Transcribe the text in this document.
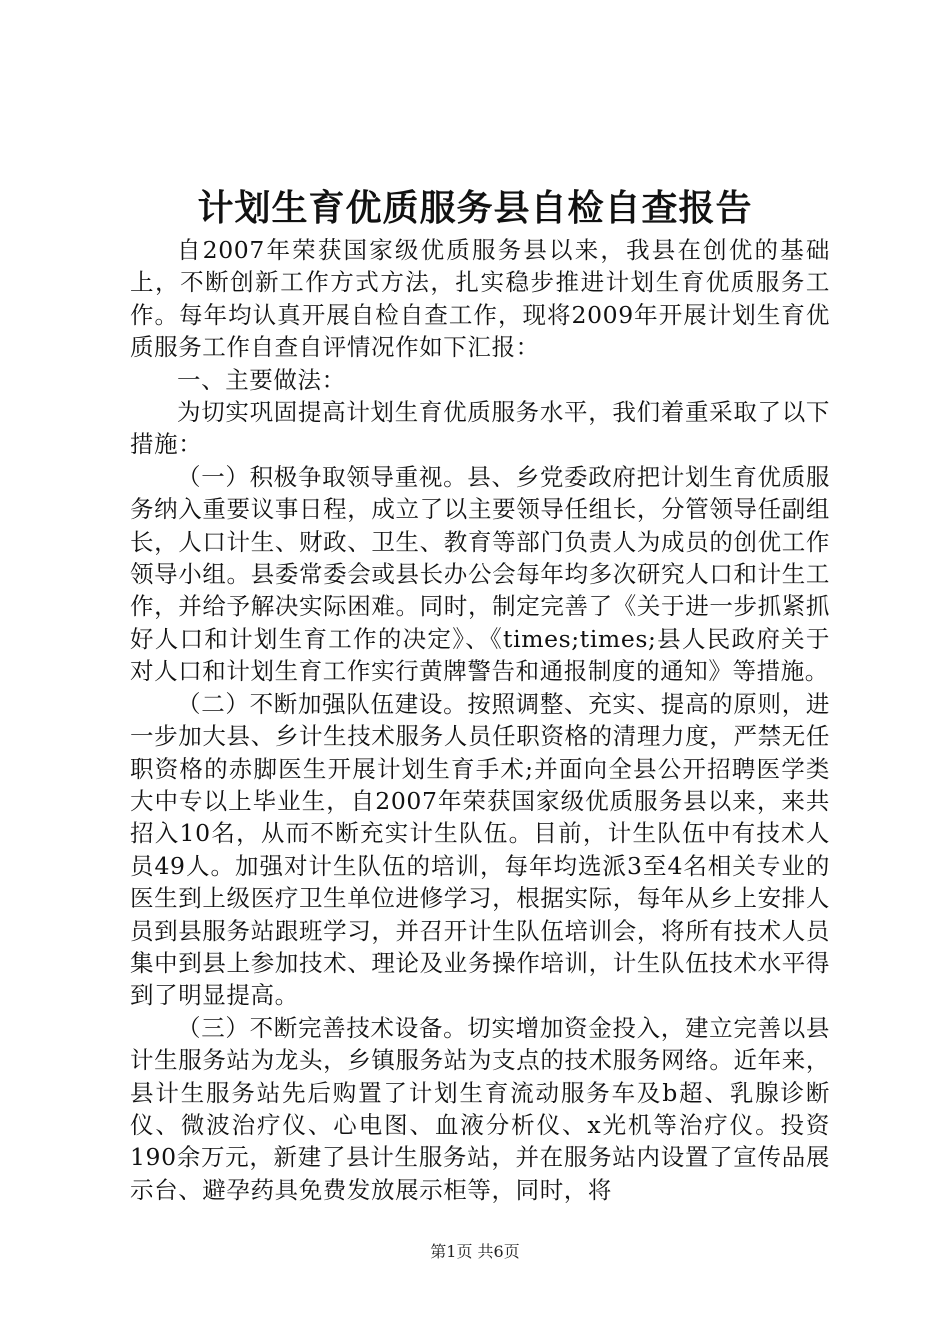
计划生育优质服务县自检自查报告

自2007年荣获国家级优质服务县以来，我县在创优的基础上，不断创新工作方式方法，扎实稳步推进计划生育优质服务工作。每年均认真开展自检自查工作，现将2009年开展计划生育优质服务工作自查自评情况作如下汇报：

一、主要做法：

为切实巩固提高计划生育优质服务水平，我们着重采取了以下措施：

（一）积极争取领导重视。县、乡党委政府把计划生育优质服务纳入重要议事日程，成立了以主要领导任组长，分管领导任副组长，人口计生、财政、卫生、教育等部门负责人为成员的创优工作领导小组。县委常委会或县长办公会每年均多次研究人口和计生工作，并给予解决实际困难。同时，制定完善了《关于进一步抓紧抓好人口和计划生育工作的决定》、《times;times;县人民政府关于对人口和计划生育工作实行黄牌警告和通报制度的通知》等措施。

（二）不断加强队伍建设。按照调整、充实、提高的原则，进一步加大县、乡计生技术服务人员任职资格的清理力度，严禁无任职资格的赤脚医生开展计划生育手术;并面向全县公开招聘医学类大中专以上毕业生，自2007年荣获国家级优质服务县以来，来共招入10名，从而不断充实计生队伍。目前，计生队伍中有技术人员49人。加强对计生队伍的培训，每年均选派3至4名相关专业的医生到上级医疗卫生单位进修学习，根据实际，每年从乡上安排人员到县服务站跟班学习，并召开计生队伍培训会，将所有技术人员集中到县上参加技术、理论及业务操作培训，计生队伍技术水平得到了明显提高。

（三）不断完善技术设备。切实增加资金投入，建立完善以县计生服务站为龙头，乡镇服务站为支点的技术服务网络。近年来，县计生服务站先后购置了计划生育流动服务车及b超、乳腺诊断仪、微波治疗仪、心电图、血液分析仪、x光机等治疗仪。投资190余万元，新建了县计生服务站，并在服务站内设置了宣传品展示台、避孕药具免费发放展示柜等，同时，将

第1页 共6页
